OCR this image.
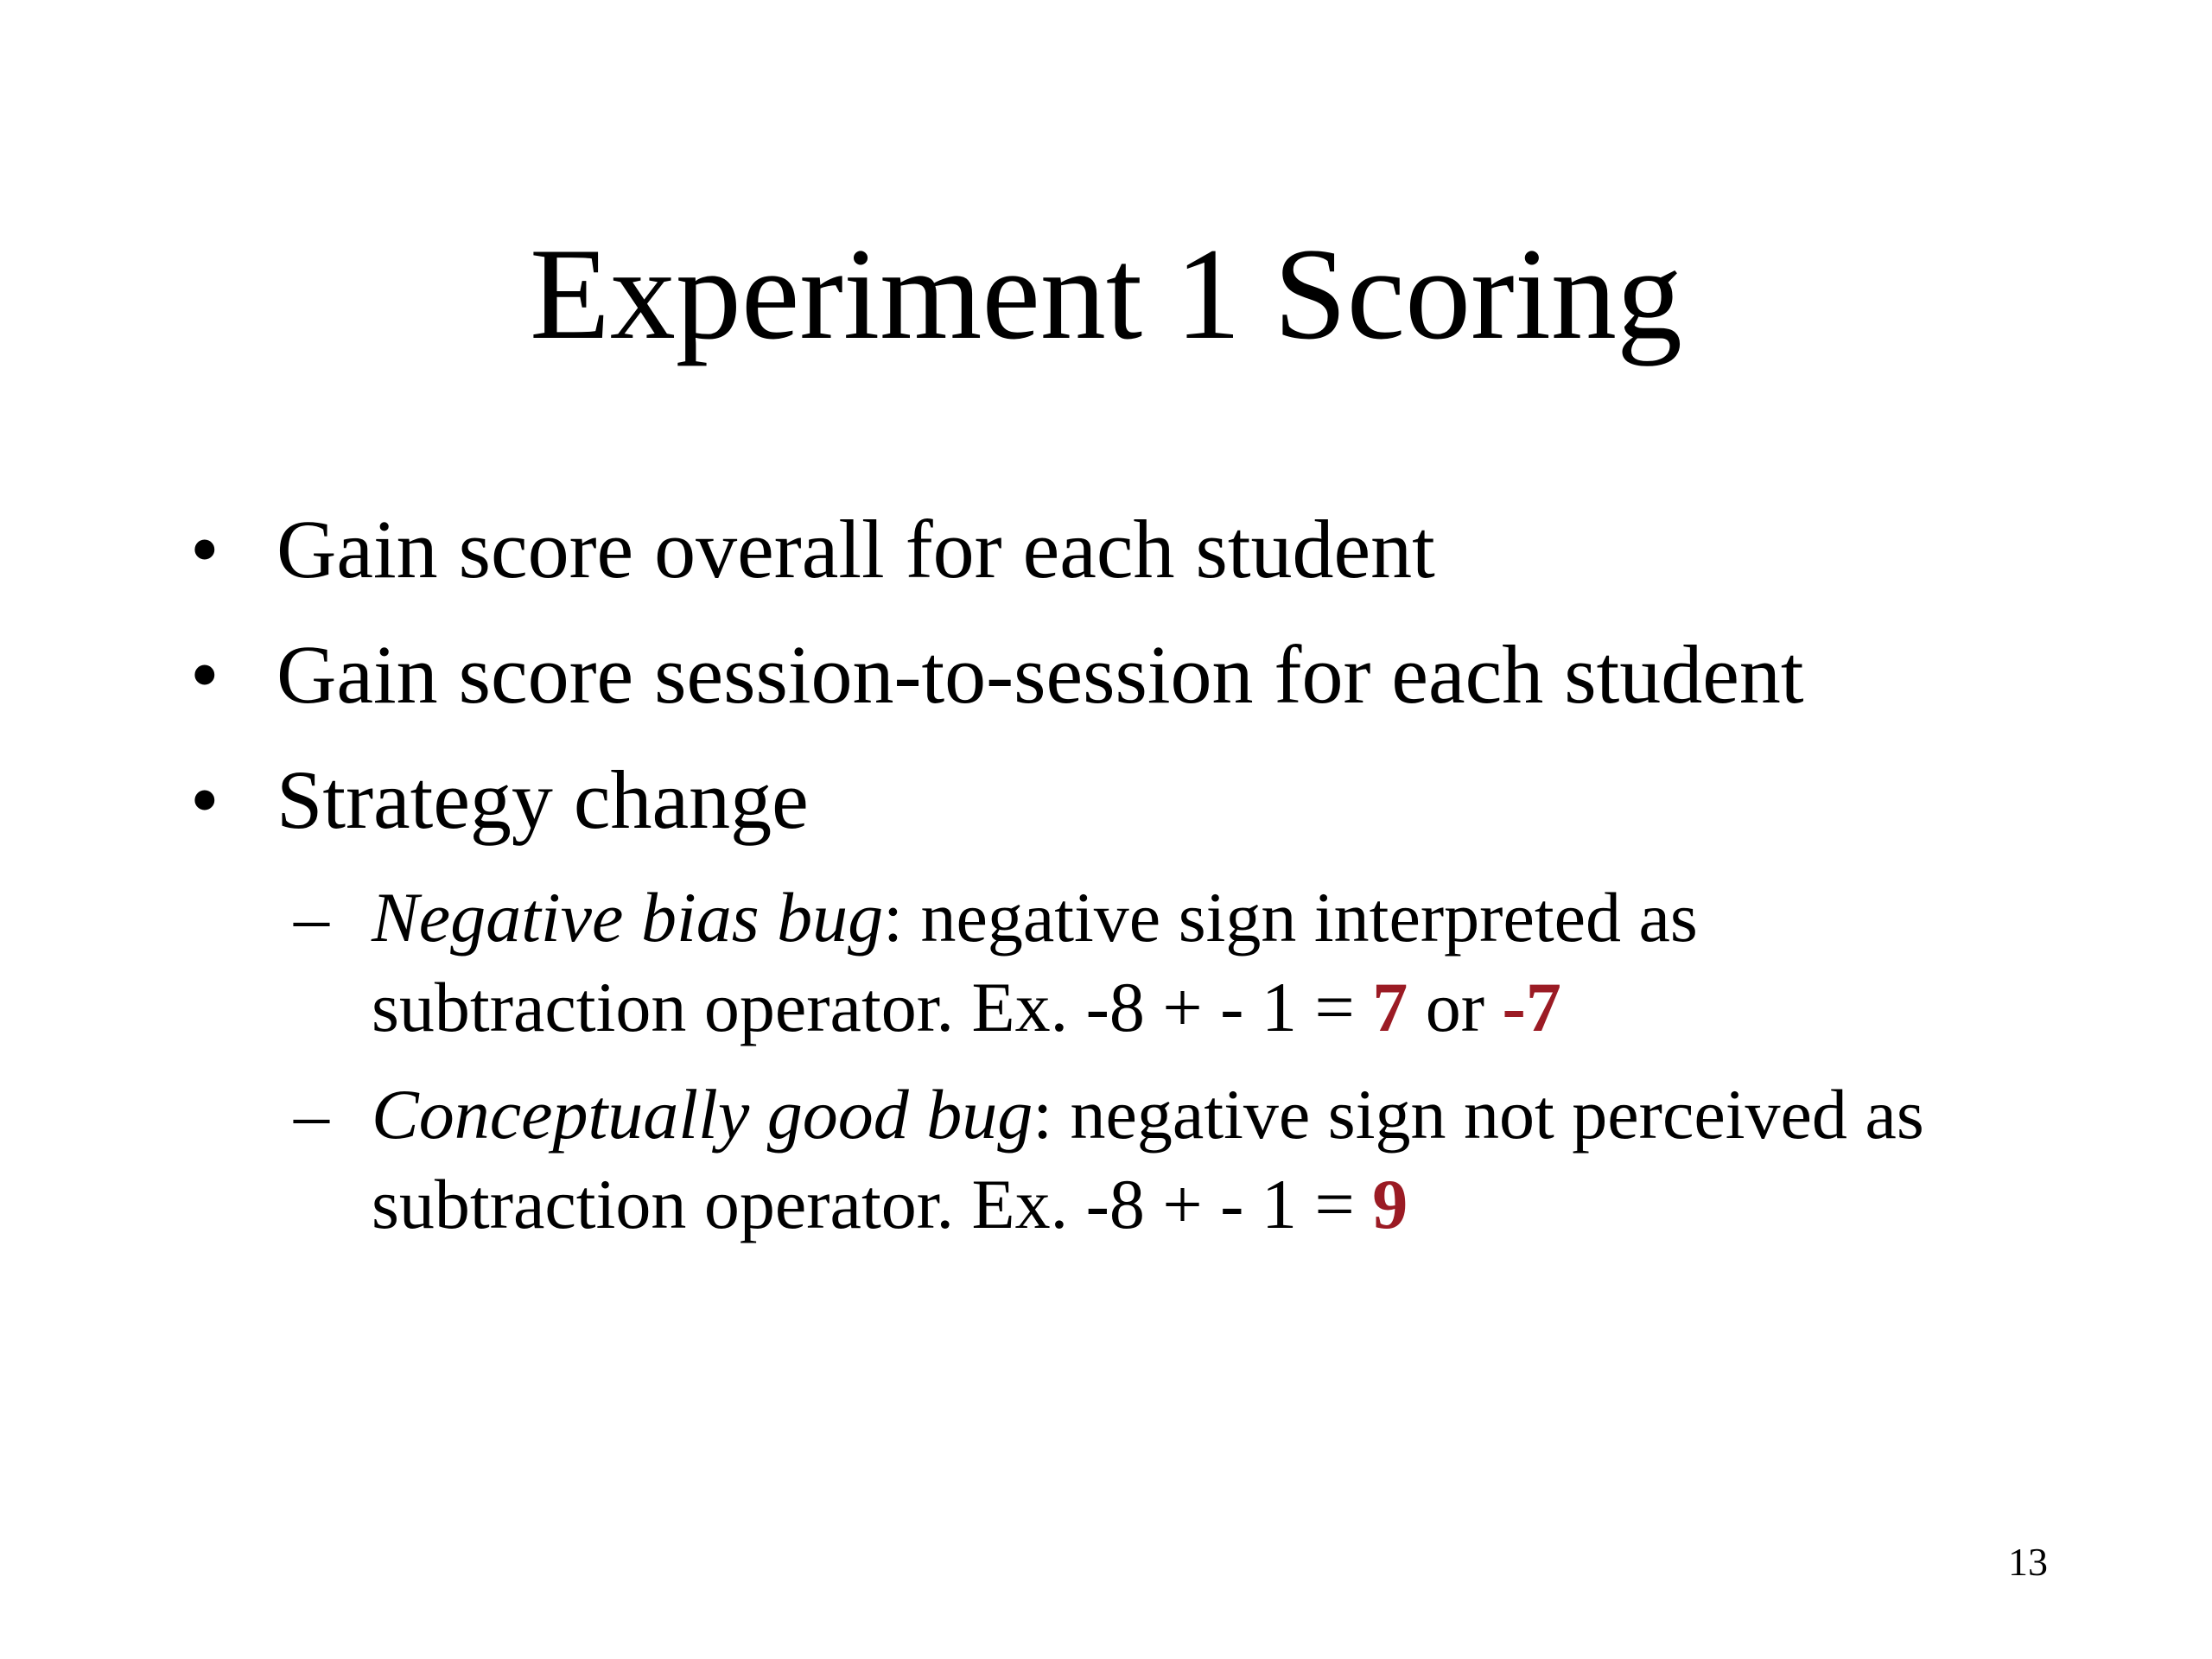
Experiment 1 Scoring
• Gain score overall for each student
• Gain score session-to-session for each student
• Strategy change
– Negative bias bug: negative sign interpreted as
subtraction operator. Ex. -8 + - 1 = 7 or -7
– Conceptually good bug: negative sign not perceived as
subtraction operator. Ex. -8 + - 1 = 9
13
